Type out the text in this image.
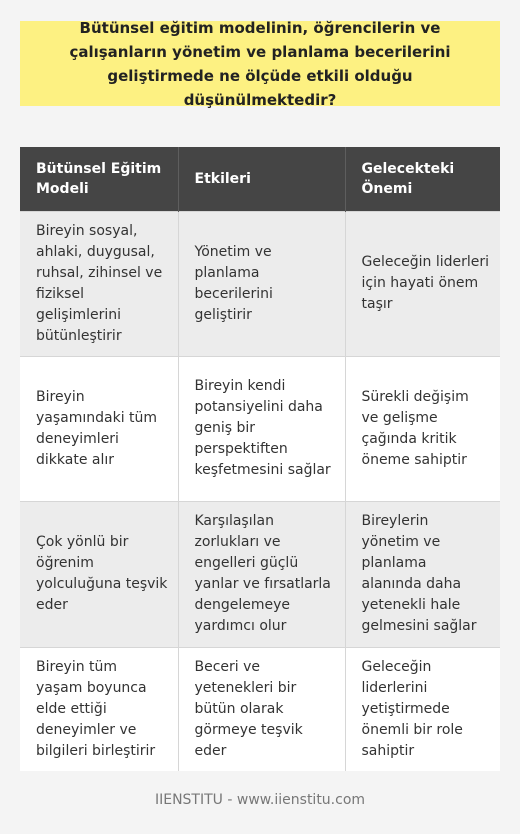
Bütünsel eğitim modelinin, öğrencilerin ve çalışanların yönetim ve planlama becerilerini geliştirmede ne ölçüde etkili olduğu düşünülmektedir?
Bütünsel Eğitim Modeli	Etkileri	Gelecekteki Önemi
Bireyin sosyal, ahlaki, duygusal, ruhsal, zihinsel ve fiziksel gelişimlerini bütünleştirir	Yönetim ve planlama becerilerini geliştirir	Geleceğin liderleri için hayati önem taşır
Bireyin yaşamındaki tüm deneyimleri dikkate alır	Bireyin kendi potansiyelini daha geniş bir perspektiften keşfetmesini sağlar	Sürekli değişim ve gelişme çağında kritik öneme sahiptir
Çok yönlü bir öğrenim yolculuğuna teşvik eder	Karşılaşılan zorlukları ve engelleri güçlü yanlar ve fırsatlarla dengelemeye yardımcı olur	Bireylerin yönetim ve planlama alanında daha yetenekli hale gelmesini sağlar
Bireyin tüm yaşam boyunca elde ettiği deneyimler ve bilgileri birleştirir	Beceri ve yetenekleri bir bütün olarak görmeye teşvik eder	Geleceğin liderlerini yetiştirmede önemli bir role sahiptir
IIENSTITU - www.iienstitu.com
